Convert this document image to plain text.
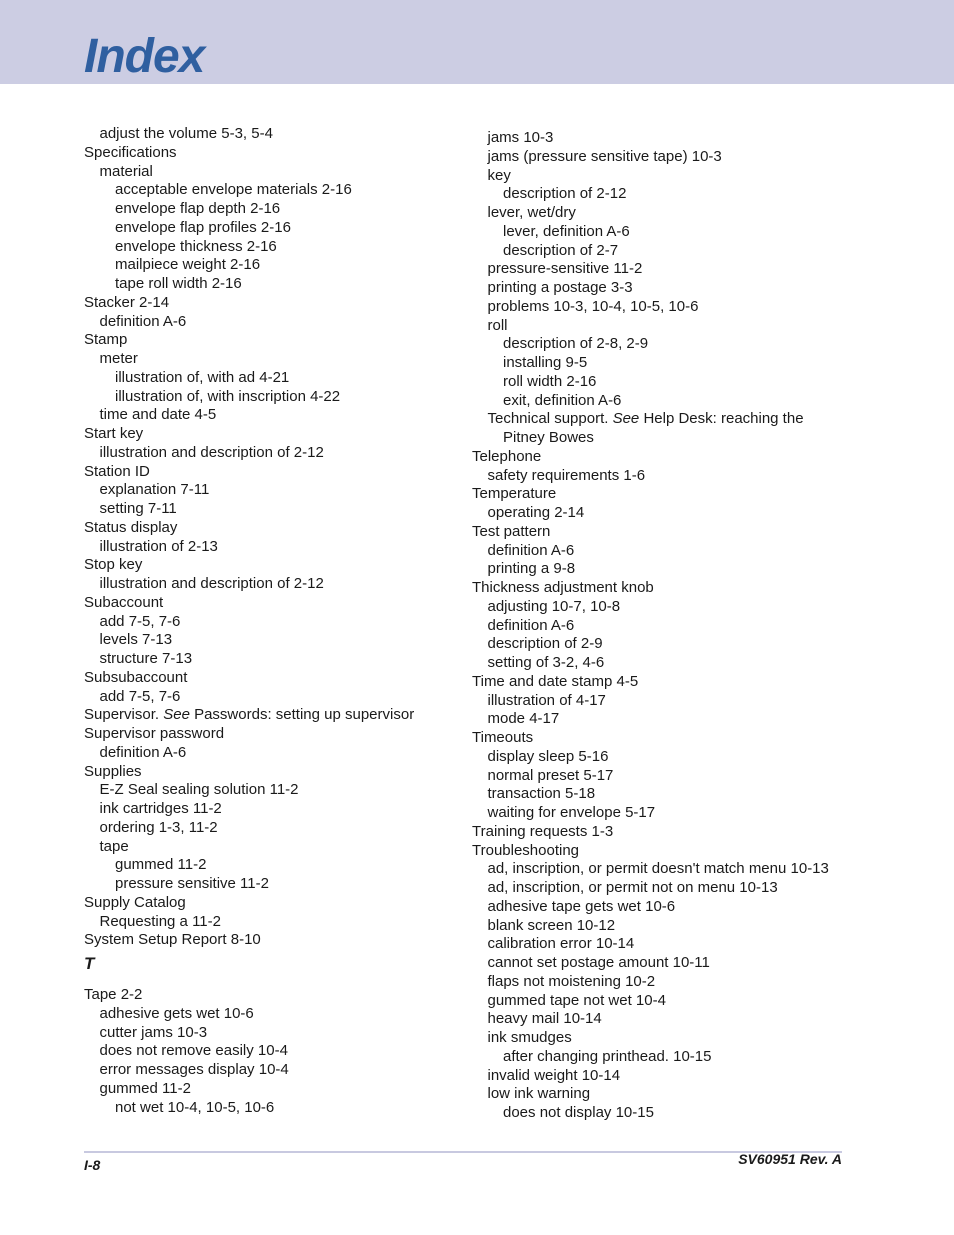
Index
adjust the volume 5-3, 5-4
Specifications
material
acceptable envelope materials 2-16
envelope flap depth 2-16
envelope flap profiles 2-16
envelope thickness 2-16
mailpiece weight 2-16
tape roll width 2-16
Stacker 2-14
definition A-6
Stamp
meter
illustration of, with ad 4-21
illustration of, with inscription 4-22
time and date 4-5
Start key
illustration and description of 2-12
Station ID
explanation 7-11
setting 7-11
Status display
illustration of 2-13
Stop key
illustration and description of 2-12
Subaccount
add 7-5, 7-6
levels 7-13
structure 7-13
Subsubaccount
add 7-5, 7-6
Supervisor. See Passwords: setting up supervisor
Supervisor password
definition A-6
Supplies
E-Z Seal sealing solution 11-2
ink cartridges 11-2
ordering 1-3, 11-2
tape
gummed 11-2
pressure sensitive 11-2
Supply Catalog
Requesting a 11-2
System Setup Report 8-10
T
Tape 2-2
adhesive gets wet 10-6
cutter jams 10-3
does not remove easily 10-4
error messages display 10-4
gummed 11-2
not wet 10-4, 10-5, 10-6
jams 10-3
jams (pressure sensitive tape) 10-3
key
description of 2-12
lever, wet/dry
lever, definition A-6
description of 2-7
pressure-sensitive 11-2
printing a postage 3-3
problems 10-3, 10-4, 10-5, 10-6
roll
description of 2-8, 2-9
installing 9-5
roll width 2-16
exit, definition A-6
Technical support. See Help Desk: reaching the Pitney Bowes
Telephone
safety requirements 1-6
Temperature
operating 2-14
Test pattern
definition A-6
printing a 9-8
Thickness adjustment knob
adjusting 10-7, 10-8
definition A-6
description of 2-9
setting of 3-2, 4-6
Time and date stamp 4-5
illustration of 4-17
mode 4-17
Timeouts
display sleep 5-16
normal preset 5-17
transaction 5-18
waiting for envelope 5-17
Training requests 1-3
Troubleshooting
ad, inscription, or permit doesn't match menu 10-13
ad, inscription, or permit not on menu 10-13
adhesive tape gets wet 10-6
blank screen 10-12
calibration error 10-14
cannot set postage amount 10-11
flaps not moistening 10-2
gummed tape not wet 10-4
heavy mail 10-14
ink smudges
after changing printhead. 10-15
invalid weight 10-14
low ink warning
does not display 10-15
I-8	SV60951 Rev. A
